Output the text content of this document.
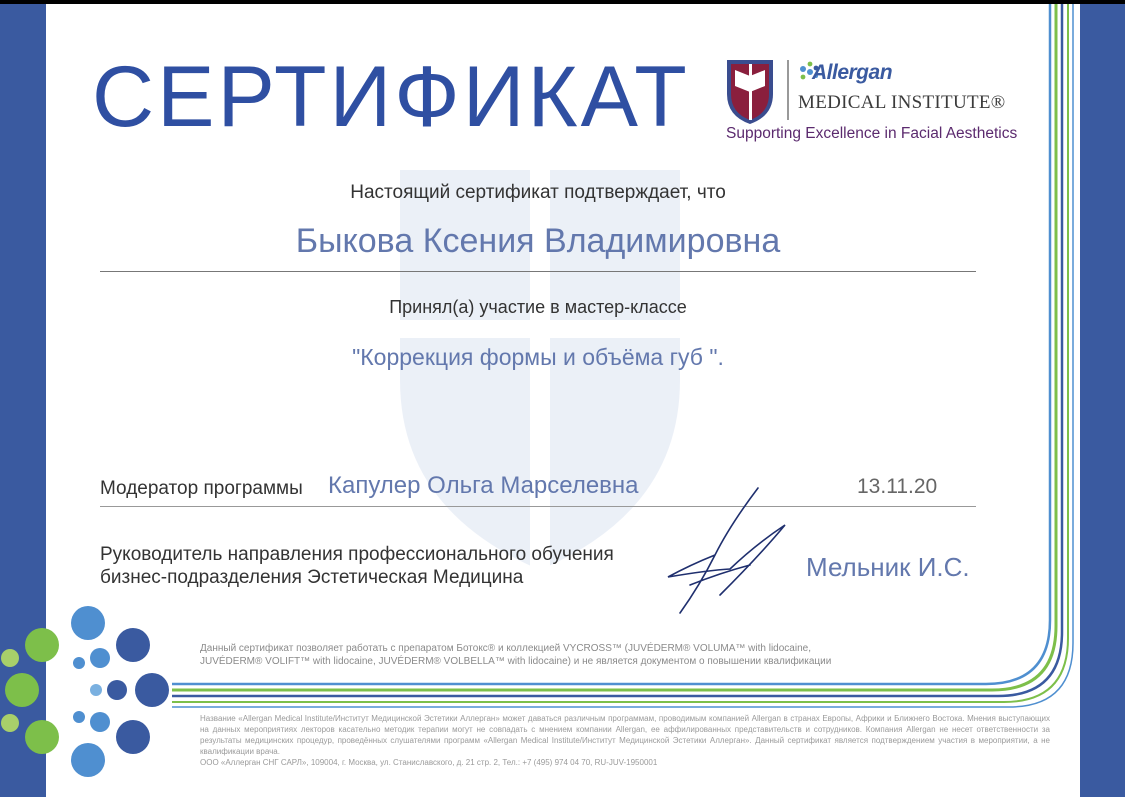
СЕРТИФИКАТ	Allergan
MEDICAL INSTITUTE®
Supporting Excellence in Facial Aesthetics
Настоящий сертификат подтверждает, что
Быкова Ксения Владимировна
Принял(а) участие в мастер-классе
"Коррекция формы и объёма губ ".
Модератор программы Капулер Ольга Марселевна	13.11.20
Руководитель направления профессионального обучения
бизнес-подразделения Эстетическая Медицина	Мельник И.С.
Данный сертификат позволяет работать с препаратом Ботокс® и коллекцией VYCROSS™ (JUVÉDERM® VOLUMA™ with lidocaine,
JUVÉDERM® VOLIFT™ with lidocaine, JUVÉDERM® VOLBELLA™ with lidocaine) и не является документом о повышении квалификации

Название «Allergan Medical Institute/Институт Медицинской Эстетики Аллерган» может даваться различным программам, проводимым компанией Allergan в странах Европы, Африки и Ближнего Востока. Мнения выступающих на данных мероприятиях лекторов касательно методик терапии могут не совпадать с мнением компании Allergan, ее аффилированных представительств и сотрудников. Компания Allergan не несет ответственности за результаты медицинских процедур, проведённых слушателями программ «Allergan Medical Institute/Институт Медицинской Эстетики Аллерган». Данный сертификат является подтверждением участия в мероприятии, а не квалификации врача.

ООО «Аллерган СНГ САРЛ», 109004, г. Москва, ул. Станиславского, д. 21 стр. 2, Тел.: +7 (495) 974 04 70, RU-JUV-1950001
